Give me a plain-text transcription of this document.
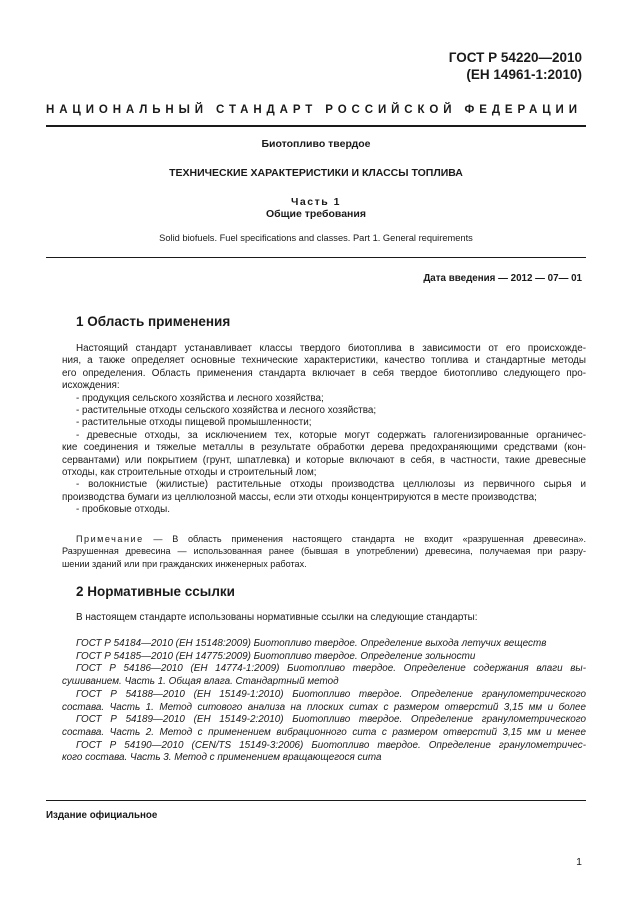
ГОСТ Р 54220—2010
(ЕН 14961-1:2010)
НАЦИОНАЛЬНЫЙ СТАНДАРТ РОССИЙСКОЙ ФЕДЕРАЦИИ
Биотопливо твердое
ТЕХНИЧЕСКИЕ ХАРАКТЕРИСТИКИ И КЛАССЫ ТОПЛИВА
Часть 1
Общие требования
Solid biofuels. Fuel specifications and classes. Part 1. General requirements
Дата введения — 2012 — 07— 01
1 Область применения

Настоящий стандарт устанавливает классы твердого биотоплива в зависимости от его происхожде-

ния, а также определяет основные технические характеристики, качество топлива и стандартные методы

его определения. Область применения стандарта включает в себя твердое биотопливо следующего про-

исхождения:

- продукция сельского хозяйства и лесного хозяйства;

- растительные отходы сельского хозяйства и лесного хозяйства;

- растительные отходы пищевой промышленности;

- древесные отходы, за исключением тех, которые могут содержать галогенизированные органичес-

кие соединения и тяжелые металлы в результате обработки дерева предохраняющими средствами (кон-

сервантами) или покрытием (грунт, шпатлевка) и которые включают в себя, в частности, такие древесные

отходы, как строительные отходы и строительный лом;

- волокнистые (жилистые) растительные отходы производства целлюлозы из первичного сырья и

производства бумаги из целлюлозной массы, если эти отходы концентрируются в месте производства;

- пробковые отходы.

Примечание — В область применения настоящего стандарта не входит «разрушенная древесина».

Разрушенная древесина — использованная ранее (бывшая в употреблении) древесина, получаемая при разру-

шении зданий или при гражданских инженерных работах.

2 Нормативные ссылки

В настоящем стандарте использованы нормативные ссылки на следующие стандарты:

ГОСТ Р 54184—2010 (ЕН 15148:2009) Биотопливо твердое. Определение выхода летучих веществ

ГОСТ Р 54185—2010 (ЕН 14775:2009) Биотопливо твердое. Определение зольности

ГОСТ Р 54186—2010 (ЕН 14774-1:2009) Биотопливо твердое. Определение содержания влаги вы-

сушиванием. Часть 1. Общая влага. Стандартный метод

ГОСТ Р 54188—2010 (ЕН 15149-1:2010) Биотопливо твердое. Определение гранулометрического

состава. Часть 1. Метод ситового анализа на плоских ситах с размером отверстий 3,15 мм и более

ГОСТ Р 54189—2010 (ЕН 15149-2:2010) Биотопливо твердое. Определение гранулометрического

состава. Часть 2. Метод с применением вибрационного сита с размером отверстий 3,15 мм и менее

ГОСТ Р 54190—2010 (CEN/TS 15149-3:2006) Биотопливо твердое. Определение гранулометричес-

кого состава. Часть 3. Метод с применением вращающегося сита

Издание официальное
1
